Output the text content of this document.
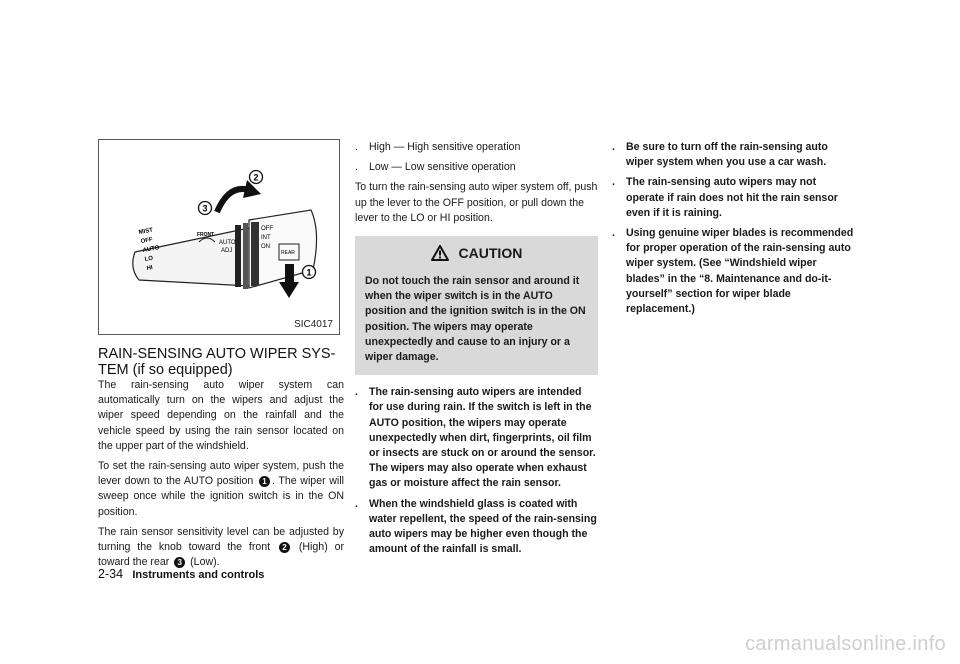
MIST
OFF
AUTO
LO
HI
FRONT
AUTO
ADJ
OFF
INT
ON
REAR
3
2
1
SIC4017
RAIN-SENSING AUTO WIPER SYS-
TEM (if so equipped)

The rain-sensing auto wiper system can automatically turn on the wipers and adjust the wiper speed depending on the rainfall and the vehicle speed by using the rain sensor located on the upper part of the windshield.

To set the rain-sensing auto wiper system, push the lever down to the AUTO position 1 . The wiper will sweep once while the ignition switch is in the ON position.

The rain sensor sensitivity level can be adjusted by turning the knob toward the front 2 (High) or toward the rear 3 (Low).

. High — High sensitive operation
. Low — Low sensitive operation

To turn the rain-sensing auto wiper system off, push up the lever to the OFF position, or pull down the lever to the LO or HI position.

CAUTION
Do not touch the rain sensor and around it when the wiper switch is in the AUTO position and the ignition switch is in the ON position. The wipers may operate unexpectedly and cause to an injury or a wiper damage.
. The rain-sensing auto wipers are intended for use during rain. If the switch is left in the AUTO position, the wipers may operate unexpectedly when dirt, fingerprints, oil film or insects are stuck on or around the sensor. The wipers may also operate when exhaust gas or moisture affect the rain sensor.
. When the windshield glass is coated with water repellent, the speed of the rain-sensing auto wipers may be higher even though the amount of the rainfall is small.
. Be sure to turn off the rain-sensing auto wiper system when you use a car wash.
. The rain-sensing auto wipers may not operate if rain does not hit the rain sensor even if it is raining.
. Using genuine wiper blades is recommended for proper operation of the rain-sensing auto wiper system. (See “Windshield wiper blades” in the “8. Maintenance and do-it-yourself” section for wiper blade replacement.)
2-34 Instruments and controls
carmanualsonline.info
